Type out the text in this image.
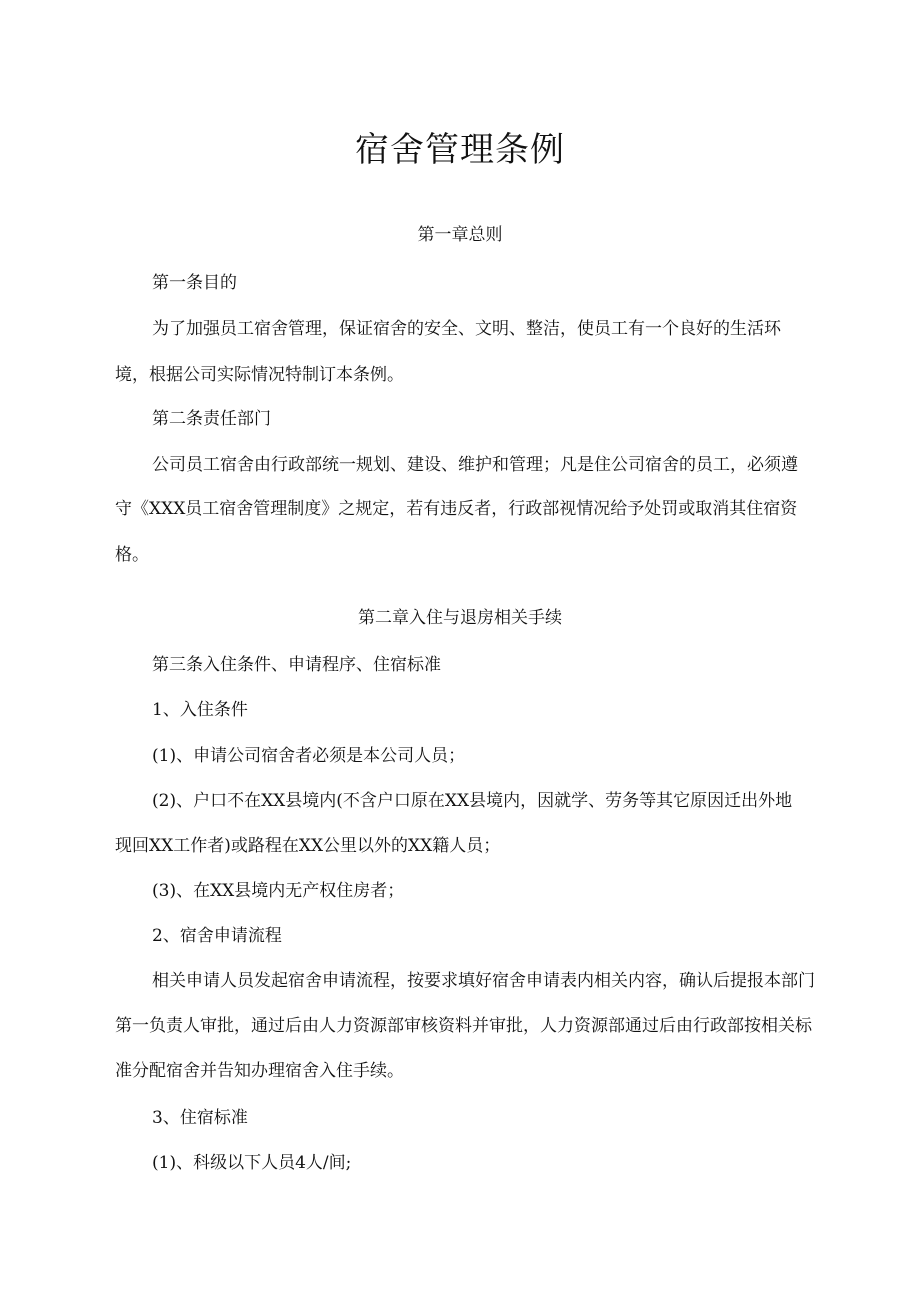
宿舍管理条例

第一章总则

第一条目的

为了加强员工宿舍管理，保证宿舍的安全、文明、整洁，使员工有一个良好的生活环

境，根据公司实际情况特制订本条例。

第二条责任部门

公司员工宿舍由行政部统一规划、建设、维护和管理；凡是住公司宿舍的员工，必须遵

守《XXX员工宿舍管理制度》之规定，若有违反者，行政部视情况给予处罚或取消其住宿资

格。

第二章入住与退房相关手续

第三条入住条件、申请程序、住宿标准

1、入住条件

(1)、申请公司宿舍者必须是本公司人员；

(2)、户口不在XX县境内(不含户口原在XX县境内，因就学、劳务等其它原因迁出外地

现回XX工作者)或路程在XX公里以外的XX籍人员；

(3)、在XX县境内无产权住房者；

2、宿舍申请流程

相关申请人员发起宿舍申请流程，按要求填好宿舍申请表内相关内容，确认后提报本部门

第一负责人审批，通过后由人力资源部审核资料并审批，人力资源部通过后由行政部按相关标

准分配宿舍并告知办理宿舍入住手续。

3、住宿标准

(1)、科级以下人员4人/间;
